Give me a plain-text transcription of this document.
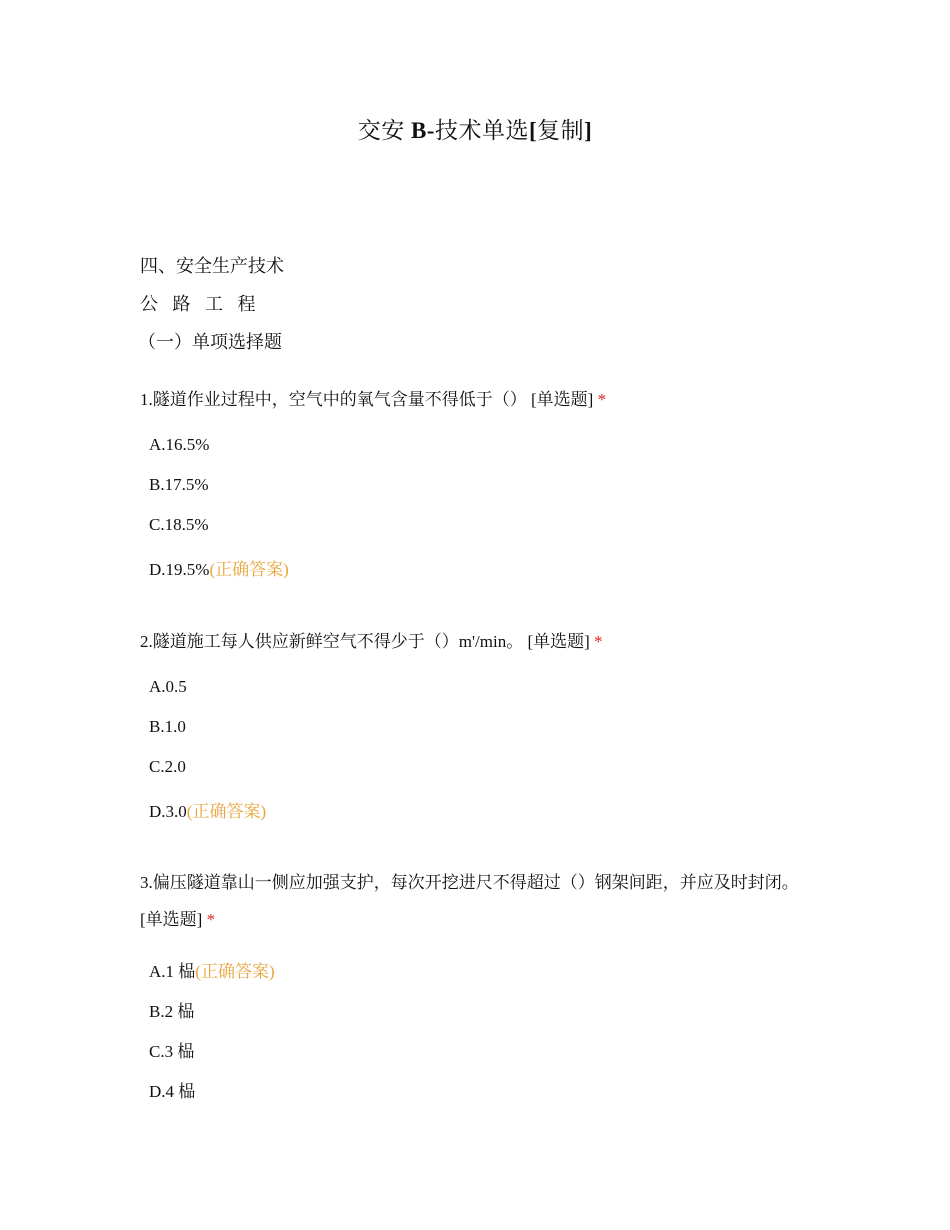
交安 B-技术单选[复制]
四、安全生产技术
公 路 工 程
（一）单项选择题
1.隧道作业过程中，空气中的氧气含量不得低于（） [单选题] *
A.16.5%
B.17.5%
C.18.5%
D.19.5%(正确答案)
2.隧道施工每人供应新鲜空气不得少于（）m'/min。 [单选题] *
A.0.5
B.1.0
C.2.0
D.3.0(正确答案)
3.偏压隧道靠山一侧应加强支护，每次开挖进尺不得超过（）钢架间距，并应及时封闭。 [单选题] *
A.1 榀(正确答案)
B.2 榀
C.3 榀
D.4 榀
